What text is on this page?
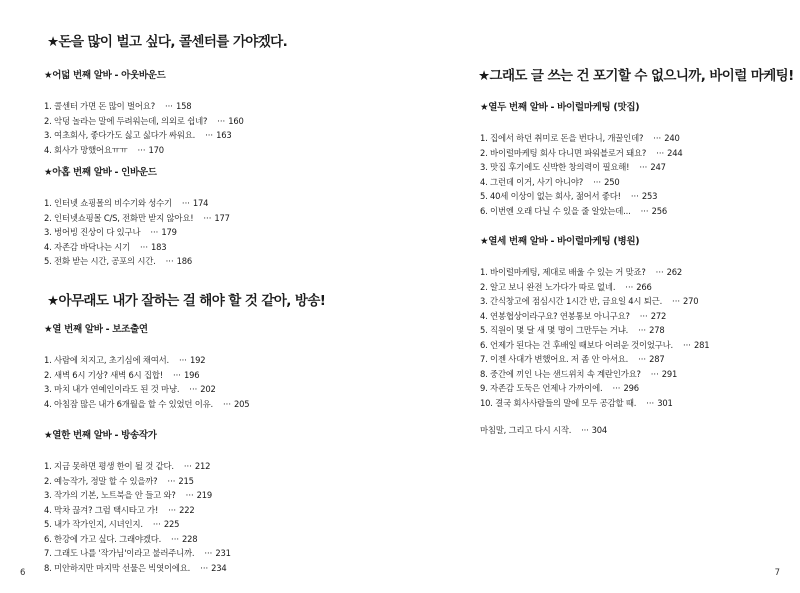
★돈을 많이 벌고 싶다, 콜센터를 가야겠다.
★어덟 번째 알바 - 아웃바운드
1. 콜센터 가면 돈 많이 벌어요? ··· 158
2. 악덩 놀라는 말에 두려워는데, 의외로 쉽네? ··· 160
3. 여초회사, 좋다가도 싫고 싫다가 싸워요. ··· 163
4. 회사가 망했어요ㅠㅠ ··· 170
★아홉 번째 알바 - 인바운드
1. 인터넷 쇼핑몰의 비수기와 성수기 ··· 174
2. 인터넷쇼핑몰 C/S, 전화만 받지 않아요! ··· 177
3. 벙어빙 진상이 다 있구나 ··· 179
4. 자존감 바닥나는 시기 ··· 183
5. 전화 받는 시간, 공포의 시간. ··· 186
★아무래도 내가 잘하는 걸 해야 할 것 같아, 방송!
★열 번째 알바 - 보조출연
1. 사람에 치지고, 초기심에 채여서. ··· 192
2. 새벽 6시 기상? 새벽 6시 집합! ··· 196
3. 마치 내가 연예인이라도 된 것 마냥. ··· 202
4. 아침잠 많은 내가 6개월을 할 수 있었던 이유. ··· 205
★열한 번째 알바 - 방송작가
1. 지금 못하면 평생 한이 될 것 같다. ··· 212
2. 예능작가, 정말 할 수 있을까? ··· 215
3. 작가의 기본, 노트북을 안 들고 와? ··· 219
4. 막차 끊겨? 그럼 택시타고 가! ··· 222
5. 내가 작가인지, 시녀인지. ··· 225
6. 한강에 가고 싶다. 그래야겠다. ··· 228
7. 그래도 나를 '작가님'이라고 불러주니까. ··· 231
8. 미안하지만 마지막 선물은 빅엿이에요. ··· 234
6
★그래도 글 쓰는 건 포기할 수 없으니까, 바이럴 마케팅!
★열두 번째 알바 - 바이럴마케팅 (맛집)
1. 집에서 하던 취미로 돈을 번다니, 개꿀인데? ··· 240
2. 바이럴마케팅 회사 다니면 파워블로거 돼요? ··· 244
3. 맛집 후기에도 신박한 창의력이 필요해! ··· 247
4. 그런데 이거, 사기 아니야? ··· 250
5. 40세 이상이 없는 회사, 젊어서 좋다! ··· 253
6. 이번엔 오래 다닐 수 있을 줄 알았는데... ··· 256
★열세 번째 알바 - 바이럴마케팅 (병원)
1. 바이럴마케팅, 제대로 배울 수 있는 거 맞죠? ··· 262
2. 알고 보니 완전 노가다가 따로 없네. ··· 266
3. 간식창고에 점심시간 1시간 반, 금요일 4시 퇴근. ··· 270
4. 연봉협상이라구요? 연봉통보 아니구요? ··· 272
5. 직원이 몇 달 새 몇 명이 그만두는 거냐. ··· 278
6. 언제가 된다는 건 후배일 때보다 어려운 것이었구나. ··· 281
7. 이젠 사대가 변했어요. 저 좀 안 아셔요. ··· 287
8. 중간에 끼인 나는 샌드위치 속 계란인가요? ··· 291
9. 자존감 도둑은 언제나 가까이에. ··· 296
10. 결국 회사사람들의 말에 모두 공감할 때. ··· 301
마침말, 그리고 다시 시작. ··· 304
7
